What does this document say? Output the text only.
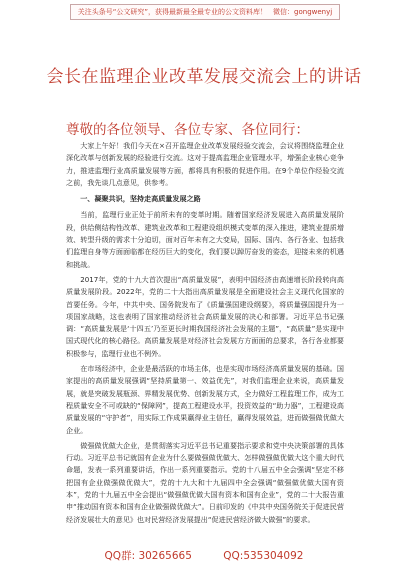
关注头条号“公文研究”，获得最新最全最专业的公文资料库！ 微信：gongwenyj
会长在监理企业改革发展交流会上的讲话
尊敬的各位领导、各位专家、各位同行：

大家上午好！我们今天在×召开监理企业改革发展经验交流会，会议将围绕监理企业深化改革与创新发展的经验进行交流。这对于提高监理企业管理水平，增强企业核心竞争力，推进监理行业高质量发展等方面，都将具有积极的促进作用。在9个单位作经验交流之前，我先谈几点意见，供参考。

一、凝聚共识，坚持走高质量发展之路

当前，监理行业正处于前所未有的变革时期。随着国家经济发展进入高质量发展阶段，供给侧结构性改革、建筑业改革和工程建设组织模式变革的深入推进，建筑业提质增效、转型升级的需求十分迫切，面对百年未有之大变局，国际、国内、各行各业、包括我们监理自身等方面面临都在经历巨大的变化，我们要以踔厉奋发的姿态，迎接未来的机遇和挑战。

2017年，党的十九大首次提出“高质量发展”，表明中国经济由高速增长阶段转向高质量发展阶段。2022年，党的二十大指出高质量发展是全面建设社会主义现代化国家的首要任务。今年，中共中央、国务院发布了《质量强国建设纲要》，将质量强国提升为一项国家战略，这也表明了国家推动经济社会高质量发展的决心和部署。习近平总书记强调：“高质量发展是‘十四五’乃至更长时期我国经济社会发展的主题”，“高质量”是实现中国式现代化的核心路径。高质量发展是对经济社会发展方方面面的总要求，各行各业都要积极参与，监理行业也不例外。

在市场经济中，企业是最活跃的市场主体，也是实现市场经济高质量发展的基础。国家提出的高质量发展强调“坚持质量第一、效益优先”，对我们监理企业来说，高质量发展，就是突破发展瓶颈、界精发展优势、创新发展方式，全力做好工程监理工作，成为工程质量安全不可或缺的“保障网”，提高工程建设水平，投资效益的“助力器”，工程建设高质量发展的“守护者”，用实际工作成果赢得业主信任，赢得发展效益，进而做强做优做大企业。

做强做优做大企业，是贯彻落实习近平总书记重要指示要求和党中央决策部署的具体行动。习近平总书记就国有企业为什么要做强做优做大、怎样做强做优做大这个重大时代命题，发表一系列重要讲话，作出一系列重要指示。党的十八届五中全会强调“坚定不移把国有企业做强做优做大”，党的十九大和十九届四中全会强调“做强做优做大国有资本”，党的十九届五中全会提出“做强做优做大国有资本和国有企业”，党的二十大报告重申“推动国有资本和国有企业做强做优做大”。日前印发的《中共中央国务院关于促进民营经济发展壮大的意见》也对民营经济发展提出“促进民营经济做大做强”的要求。

QQ群: 30265665	QQ:535304092
